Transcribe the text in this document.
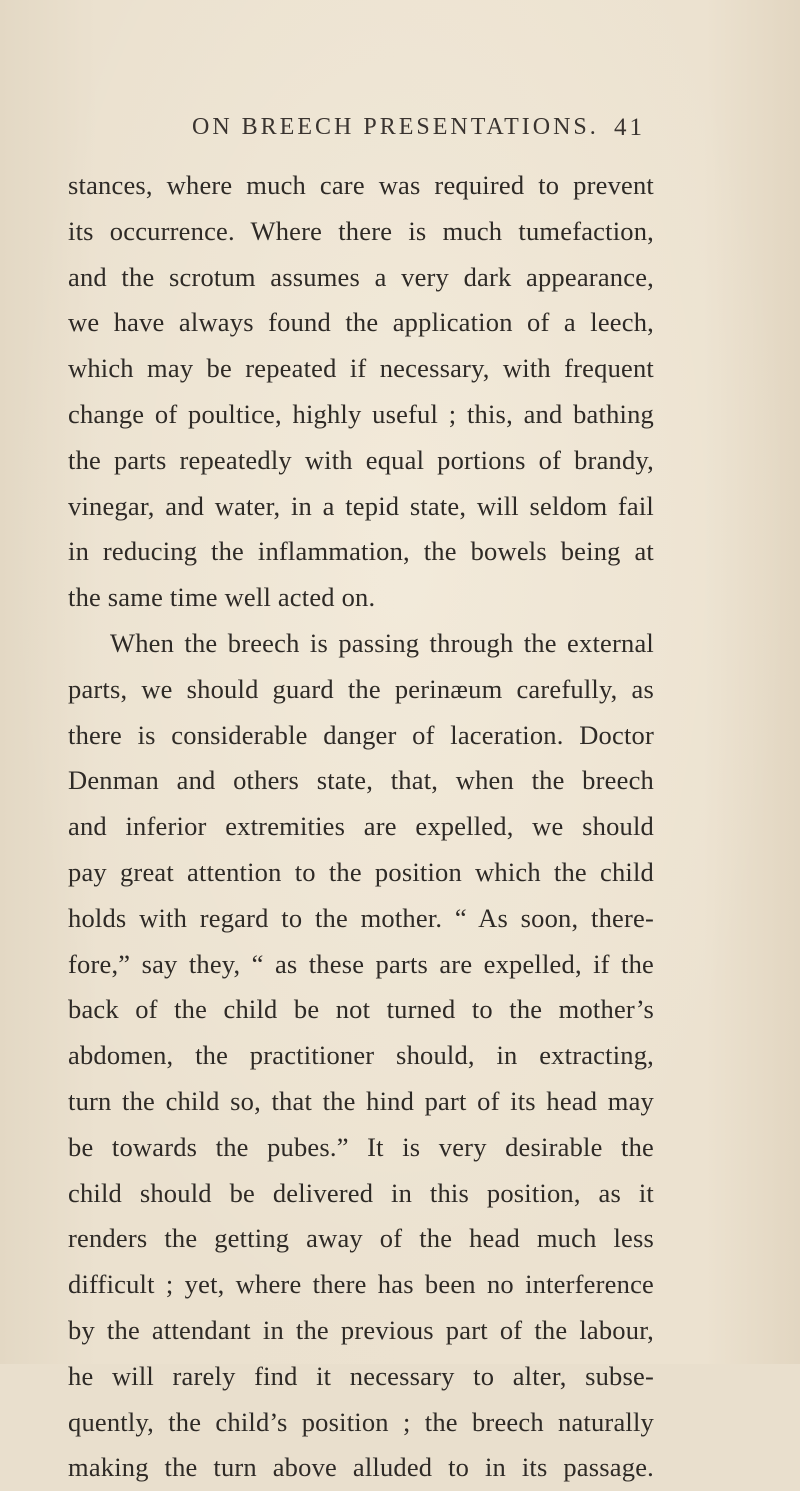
ON BREECH PRESENTATIONS. 41
stances, where much care was required to prevent
its occurrence. Where there is much tumefaction,
and the scrotum assumes a very dark appearance,
we have always found the application of a leech,
which may be repeated if necessary, with frequent
change of poultice, highly useful ; this, and bathing
the parts repeatedly with equal portions of brandy,
vinegar, and water, in a tepid state, will seldom fail
in reducing the inflammation, the bowels being at
the same time well acted on.
When the breech is passing through the external
parts, we should guard the perinæum carefully, as
there is considerable danger of laceration. Doctor
Denman and others state, that, when the breech
and inferior extremities are expelled, we should
pay great attention to the position which the child
holds with regard to the mother. “ As soon, there-
fore,” say they, “ as these parts are expelled, if the
back of the child be not turned to the mother’s
abdomen, the practitioner should, in extracting,
turn the child so, that the hind part of its head may
be towards the pubes.” It is very desirable the
child should be delivered in this position, as it
renders the getting away of the head much less
difficult ; yet, where there has been no interference
by the attendant in the previous part of the labour,
he will rarely find it necessary to alter, subse-
quently, the child’s position ; the breech naturally
making the turn above alluded to in its passage.
